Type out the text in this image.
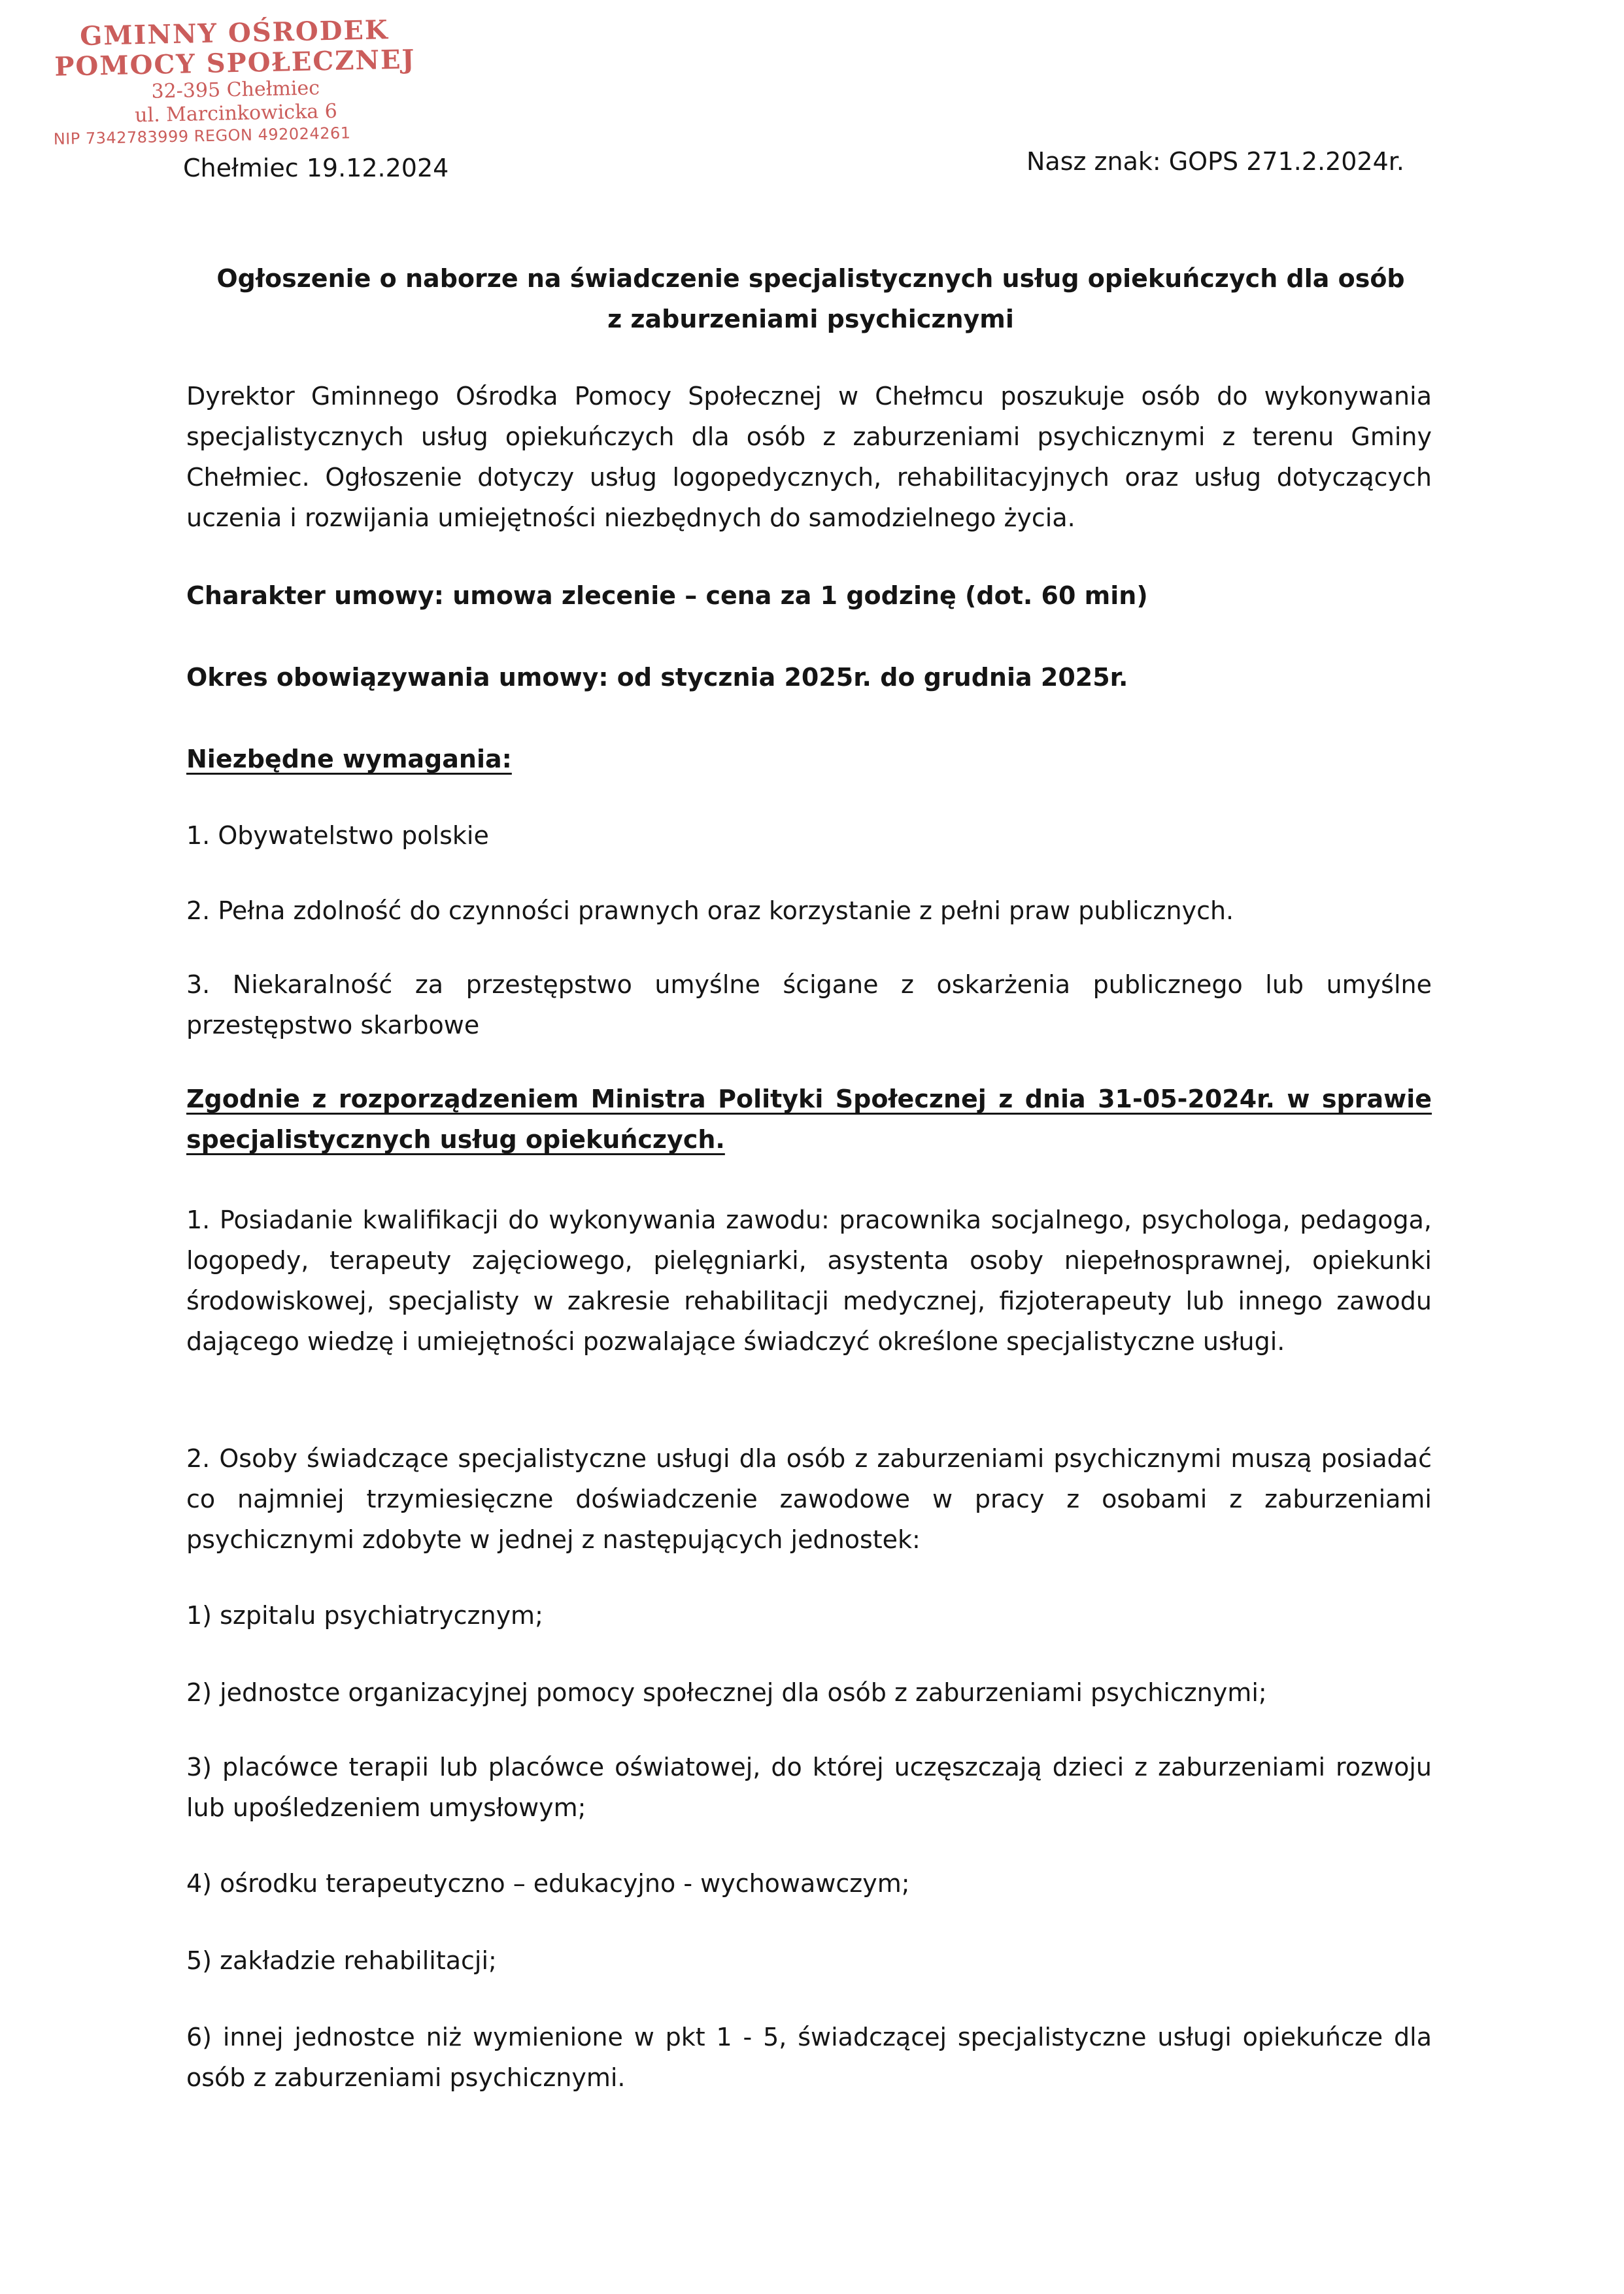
GMINNY OŚRODEK
POMOCY SPOŁECZNEJ
32-395 Chełmiec
ul. Marcinkowicka 6
NIP 7342783999 REGON 492024261
Chełmiec 19.12.2024	Nasz znak: GOPS 271.2.2024r.
Ogłoszenie o naborze na świadczenie specjalistycznych usług opiekuńczych dla osób
z zaburzeniami psychicznymi
Dyrektor Gminnego Ośrodka Pomocy Społecznej w Chełmcu poszukuje osób do wykonywania specjalistycznych usług opiekuńczych dla osób z zaburzeniami psychicznymi z terenu Gminy Chełmiec. Ogłoszenie dotyczy usług logopedycznych, rehabilitacyjnych oraz usług dotyczących uczenia i rozwijania umiejętności niezbędnych do samodzielnego życia.
Charakter umowy: umowa zlecenie – cena za 1 godzinę (dot. 60 min)
Okres obowiązywania umowy: od stycznia 2025r. do grudnia 2025r.
Niezbędne wymagania:
1. Obywatelstwo polskie
2. Pełna zdolność do czynności prawnych oraz korzystanie z pełni praw publicznych.
3. Niekaralność za przestępstwo umyślne ścigane z oskarżenia publicznego lub umyślne przestępstwo skarbowe
Zgodnie z rozporządzeniem Ministra Polityki Społecznej z dnia 31-05-2024r. w sprawie specjalistycznych usług opiekuńczych.
1. Posiadanie kwalifikacji do wykonywania zawodu: pracownika socjalnego, psychologa, pedagoga, logopedy, terapeuty zajęciowego, pielęgniarki, asystenta osoby niepełnosprawnej, opiekunki środowiskowej, specjalisty w zakresie rehabilitacji medycznej, fizjoterapeuty lub innego zawodu dającego wiedzę i umiejętności pozwalające świadczyć określone specjalistyczne usługi.
2. Osoby świadczące specjalistyczne usługi dla osób z zaburzeniami psychicznymi muszą posiadać co najmniej trzymiesięczne doświadczenie zawodowe w pracy z osobami z zaburzeniami psychicznymi zdobyte w jednej z następujących jednostek:
1) szpitalu psychiatrycznym;
2) jednostce organizacyjnej pomocy społecznej dla osób z zaburzeniami psychicznymi;
3) placówce terapii lub placówce oświatowej, do której uczęszczają dzieci z zaburzeniami rozwoju lub upośledzeniem umysłowym;
4) ośrodku terapeutyczno – edukacyjno - wychowawczym;
5) zakładzie rehabilitacji;
6) innej jednostce niż wymienione w pkt 1 - 5, świadczącej specjalistyczne usługi opiekuńcze dla osób z zaburzeniami psychicznymi.
